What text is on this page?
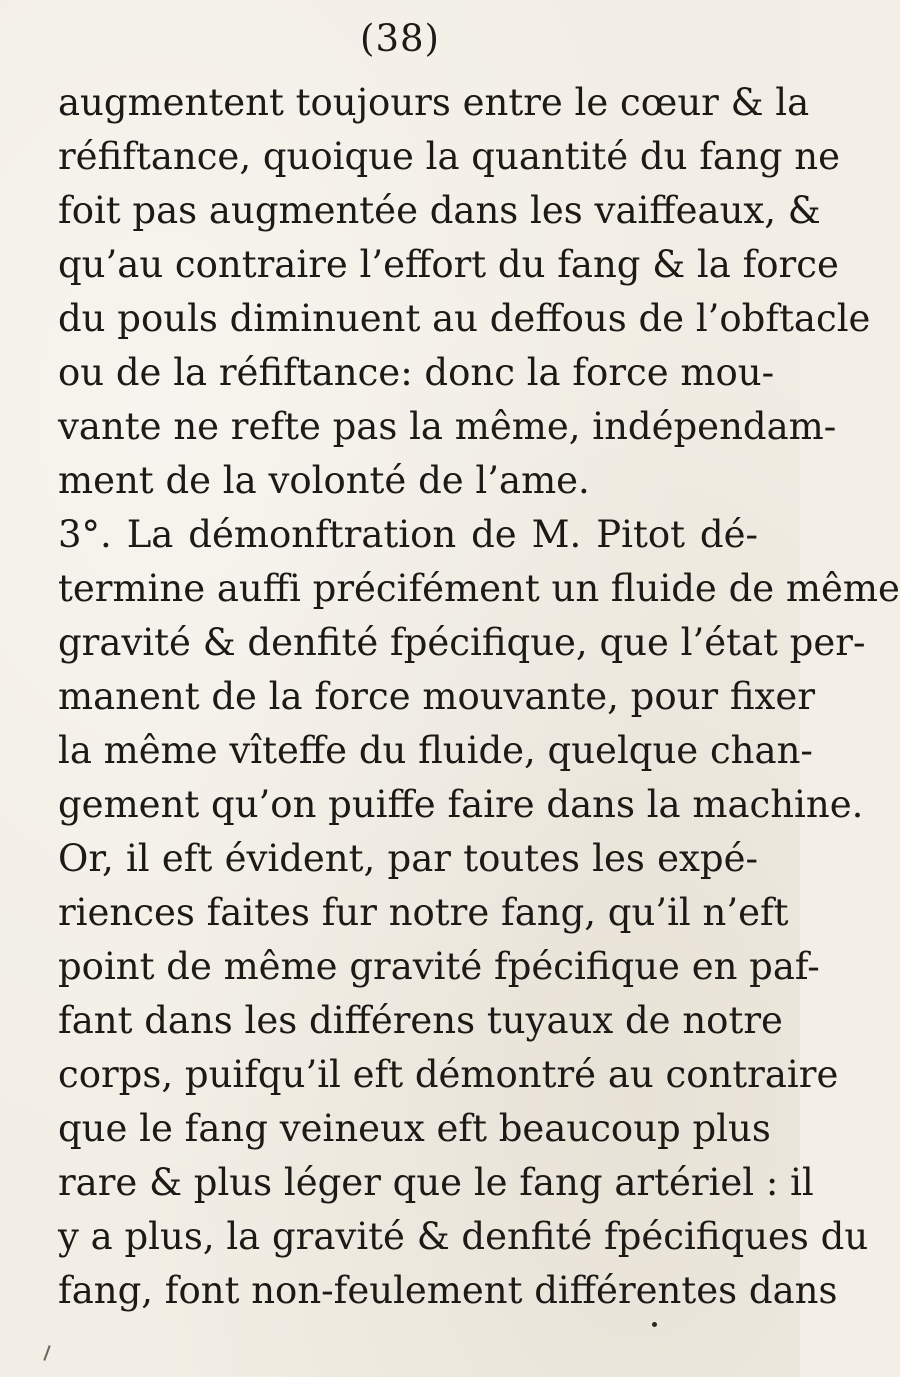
(38)
augmentent toujours entre le cœur & la
réfiftance, quoique la quantité du fang ne
foit pas augmentée dans les vaiffeaux, &
qu’au contraire l’effort du fang & la force
du pouls diminuent au deffous de l’obftacle
ou de la réfiftance: donc la force mou-
vante ne refte pas la même, indépendam-
ment de la volonté de l’ame.
3°. La démonftration de M. Pitot dé-
termine auffi précifément un fluide de même
gravité & denfité fpécifique, que l’état per-
manent de la force mouvante, pour fixer
la même vîteffe du fluide, quelque chan-
gement qu’on puiffe faire dans la machine.
Or, il eft évident, par toutes les expé-
riences faites fur notre fang, qu’il n’eft
point de même gravité fpécifique en paf-
fant dans les différens tuyaux de notre
corps, puifqu’il eft démontré au contraire
que le fang veineux eft beaucoup plus
rare & plus léger que le fang artériel : il
y a plus, la gravité & denfité fpécifiques du
fang, font non-feulement différentes dans
